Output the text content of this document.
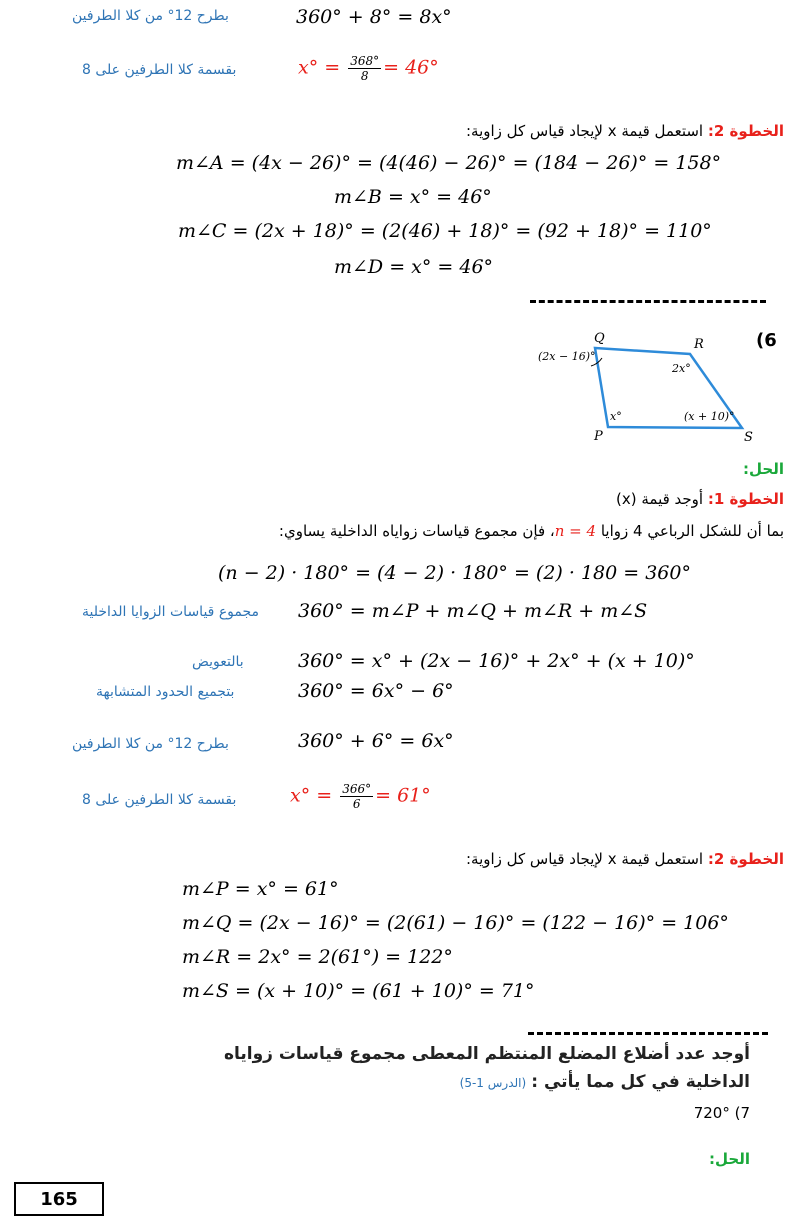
بطرح 12° من كلا الطرفين	360° + 8° = 8x°
بقسمة كلا الطرفين على 8	$x^\circ = \frac{368^\circ}{8} = 46^\circ$
الخطوة 2: استعمل قيمة x لإيجاد قياس كل زاوية:
m∠A = (4x − 26)° = (4(46) − 26)° = (184 − 26)° = 158°
m∠B = x° = 46°
m∠C = (2x + 18)° = (2(46) + 18)° = (92 + 18)° = 110°
m∠D = x° = 46°
(6
Q	R
P	S
(2x − 16)°
2x°
x°	(x + 10)°
الحل:
الخطوة 1: أوجد قيمة (x)
بما أن للشكل الرباعي 4 زوايا n = 4، فإن مجموع قياسات زواياه الداخلية يساوي:
(n − 2) · 180° = (4 − 2) · 180° = (2) · 180 = 360°
مجموع قياسات الزوايا الداخلية 360° = m∠P + m∠Q + m∠R + m∠S
بالتعويض	360° = x° + (2x − 16)° + 2x° + (x + 10)°
بتجميع الحدود المتشابهة	360° = 6x° − 6°
بطرح 12° من كلا الطرفين	360° + 6° = 6x°
بقسمة كلا الطرفين على 8	$x^\circ = \frac{366^\circ}{6} = 61^\circ$
الخطوة 2: استعمل قيمة x لإيجاد قياس كل زاوية:
m∠P = x° = 61°
m∠Q = (2x − 16)° = (2(61) − 16)° = (122 − 16)° = 106°
m∠R = 2x° = 2(61°) = 122°
m∠S = (x + 10)° = (61 + 10)° = 71°
أوجد عدد أضلاع المضلع المنتظم المعطى مجموع قياسات زواياه
الداخلية في كل مما يأتي : (الدرس 1-5)
720° (7
الحل:
165
